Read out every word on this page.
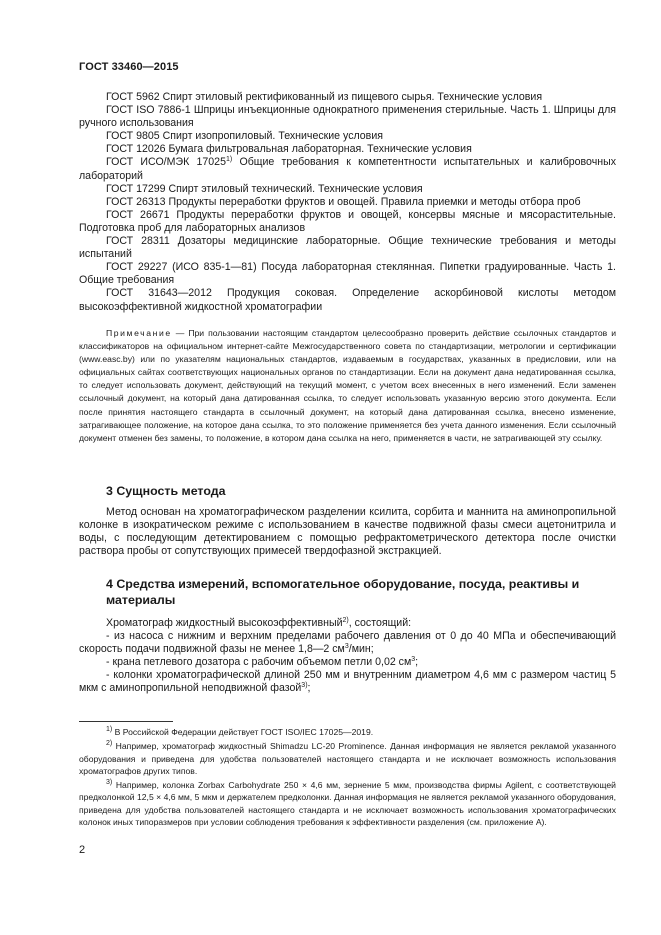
ГОСТ 33460—2015

ГОСТ 5962 Спирт этиловый ректификованный из пищевого сырья. Технические условия

ГОСТ ISO 7886-1 Шприцы инъекционные однократного применения стерильные. Часть 1. Шприцы для ручного использования

ГОСТ 9805 Спирт изопропиловый. Технические условия

ГОСТ 12026 Бумага фильтровальная лабораторная. Технические условия

ГОСТ ИСО/МЭК 17025$^{1)}$ Общие требования к компетентности испытательных и калибровочных лабораторий

ГОСТ 17299 Спирт этиловый технический. Технические условия

ГОСТ 26313 Продукты переработки фруктов и овощей. Правила приемки и методы отбора проб

ГОСТ 26671 Продукты переработки фруктов и овощей, консервы мясные и мясорастительные. Подготовка проб для лабораторных анализов

ГОСТ 28311 Дозаторы медицинские лабораторные. Общие технические требования и методы испытаний

ГОСТ 29227 (ИСО 835-1—81) Посуда лабораторная стеклянная. Пипетки градуированные. Часть 1. Общие требования

ГОСТ 31643—2012 Продукция соковая. Определение аскорбиновой кислоты методом высокоэффективной жидкостной хроматографии

Примечание — При пользовании настоящим стандартом целесообразно проверить действие ссылочных стандартов и классификаторов на официальном интернет-сайте Межгосударственного совета по стандартизации, метрологии и сертификации (www.easc.by) или по указателям национальных стандартов, издаваемым в государствах, указанных в предисловии, или на официальных сайтах соответствующих национальных органов по стандартизации. Если на документ дана недатированная ссылка, то следует использовать документ, действующий на текущий момент, с учетом всех внесенных в него изменений. Если заменен ссылочный документ, на который дана датированная ссылка, то следует использовать указанную версию этого документа. Если после принятия настоящего стандарта в ссылочный документ, на который дана датированная ссылка, внесено изменение, затрагивающее положение, на которое дана ссылка, то это положение применяется без учета данного изменения. Если ссылочный документ отменен без замены, то положение, в котором дана ссылка на него, применяется в части, не затрагивающей эту ссылку.
3 Сущность метода

Метод основан на хроматографическом разделении ксилита, сорбита и маннита на аминопропильной колонке в изократическом режиме с использованием в качестве подвижной фазы смеси ацетонитрила и воды, с последующим детектированием с помощью рефрактометрического детектора после очистки раствора пробы от сопутствующих примесей твердофазной экстракцией.

4 Средства измерений, вспомогательное оборудование, посуда, реактивы и материалы

Хроматограф жидкостный высокоэффективный$^{2)}$, состоящий:

- из насоса с нижним и верхним пределами рабочего давления от 0 до 40 МПа и обеспечивающий скорость подачи подвижной фазы не менее 1,8—2 $см^3$/мин;

- крана петлевого дозатора с рабочим объемом петли 0,02 $см^3$;

- колонки хроматографической длиной 250 мм и внутренним диаметром 4,6 мм с размером частиц 5 мкм с аминопропильной неподвижной фазой$^{3)}$;

$^{1)}$ В Российской Федерации действует ГОСТ ISO/IEC 17025—2019.

$^{2)}$ Например, хроматограф жидкостный Shimadzu LC-20 Prominence. Данная информация не является рекламой указанного оборудования и приведена для удобства пользователей настоящего стандарта и не исключает возможность использования хроматографов других типов.

$^{3)}$ Например, колонка Zorbax Carbohydrate 250 × 4,6 мм, зернение 5 мкм, производства фирмы Agilent, с соответствующей предколонкой 12,5 × 4,6 мм, 5 мкм и держателем предколонки. Данная информация не является рекламой указанного оборудования, приведена для удобства пользователей настоящего стандарта и не исключает возможность использования хроматографических колонок иных типоразмеров при условии соблюдения требования к эффективности разделения (см. приложение А).

2
